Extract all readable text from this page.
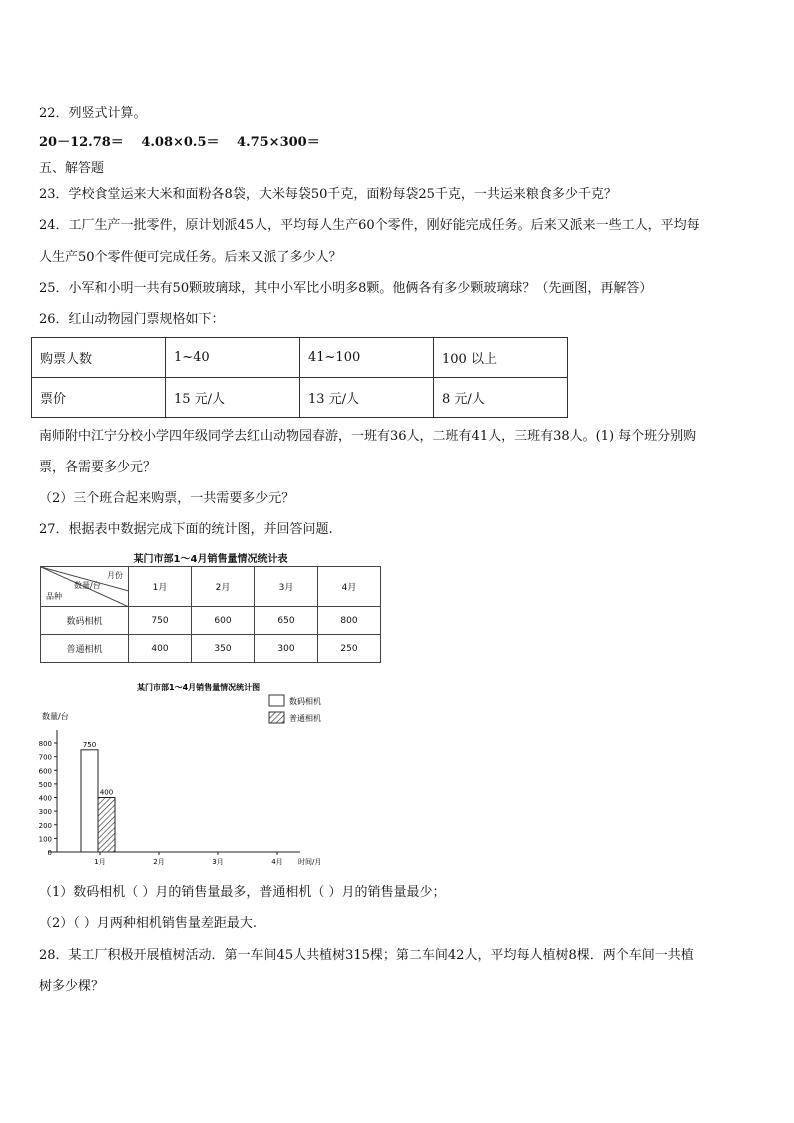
22．列竖式计算。
20－12.78＝　 4.08×0.5＝　 4.75×300＝
五、解答题
23．学校食堂运来大米和面粉各8袋，大米每袋50千克，面粉每袋25千克，一共运来粮食多少千克？
24．工厂生产一批零件，原计划派45人，平均每人生产60个零件，刚好能完成任务。后来又派来一些工人，平均每
人生产50个零件便可完成任务。后来又派了多少人？
25．小军和小明一共有50颗玻璃球，其中小军比小明多8颗。他俩各有多少颗玻璃球？（先画图，再解答）
26．红山动物园门票规格如下：
购票人数	1~40	41~100	100 以上
票价	15 元/人	13 元/人	8 元/人
南师附中江宁分校小学四年级同学去红山动物园春游，一班有36人，二班有41人，三班有38人。(1) 每个班分别购
票，各需要多少元？
（2）三个班合起来购票，一共需要多少元？
27．根据表中数据完成下面的统计图，并回答问题.
某门市部1～4月销售量情况统计表
月份
数量/台
品种	1月	2月	3月	4月
数码相机	750	600	650	800
普通相机	400	350	300	250
某门市部1～4月销售量情况统计图
数码相机
普通相机
数量/台
时间/月
0
100
200
300
400
500
600
700
800
1月	2月	3月	4月
750
400
（1）数码相机（ ）月的销售量最多，普通相机（ ）月的销售量最少；
（2）（ ）月两种相机销售量差距最大.
28．某工厂积极开展植树活动．第一车间45人共植树315棵；第二车间42人，平均每人植树8棵．两个车间一共植
树多少棵？
